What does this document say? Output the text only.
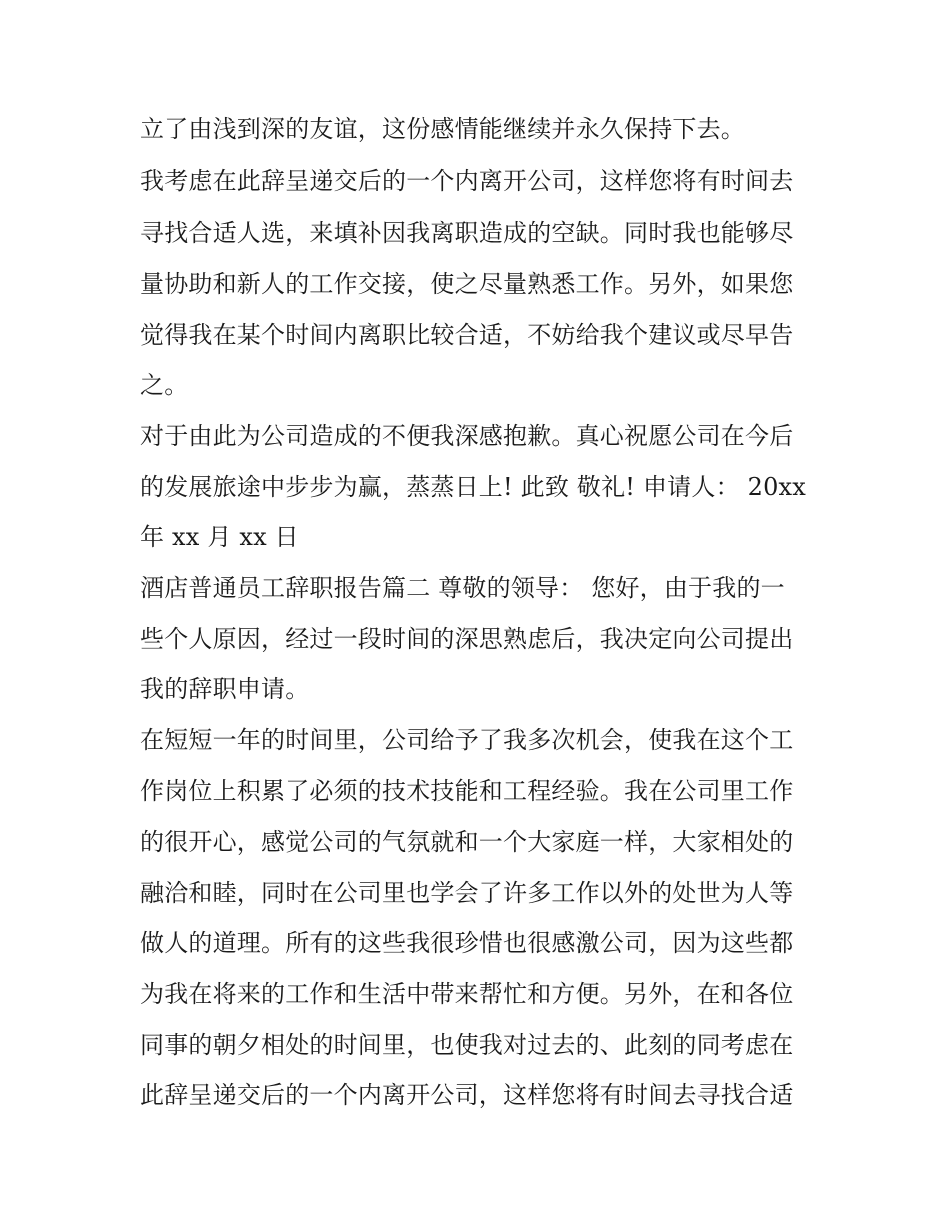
立了由浅到深的友谊，这份感情能继续并永久保持下去。

我考虑在此辞呈递交后的一个内离开公司，这样您将有时间去

寻找合适人选，来填补因我离职造成的空缺。同时我也能够尽

量协助和新人的工作交接，使之尽量熟悉工作。另外，如果您

觉得我在某个时间内离职比较合适，不妨给我个建议或尽早告

之。

对于由此为公司造成的不便我深感抱歉。真心祝愿公司在今后

的发展旅途中步步为赢，蒸蒸日上! 此致 敬礼! 申请人： 20xx

年 xx 月 xx 日

酒店普通员工辞职报告篇二 尊敬的领导： 您好，由于我的一

些个人原因，经过一段时间的深思熟虑后，我决定向公司提出

我的辞职申请。

在短短一年的时间里，公司给予了我多次机会，使我在这个工

作岗位上积累了必须的技术技能和工程经验。我在公司里工作

的很开心，感觉公司的气氛就和一个大家庭一样，大家相处的

融洽和睦，同时在公司里也学会了许多工作以外的处世为人等

做人的道理。所有的这些我很珍惜也很感激公司，因为这些都

为我在将来的工作和生活中带来帮忙和方便。另外，在和各位

同事的朝夕相处的时间里，也使我对过去的、此刻的同考虑在

此辞呈递交后的一个内离开公司，这样您将有时间去寻找合适
